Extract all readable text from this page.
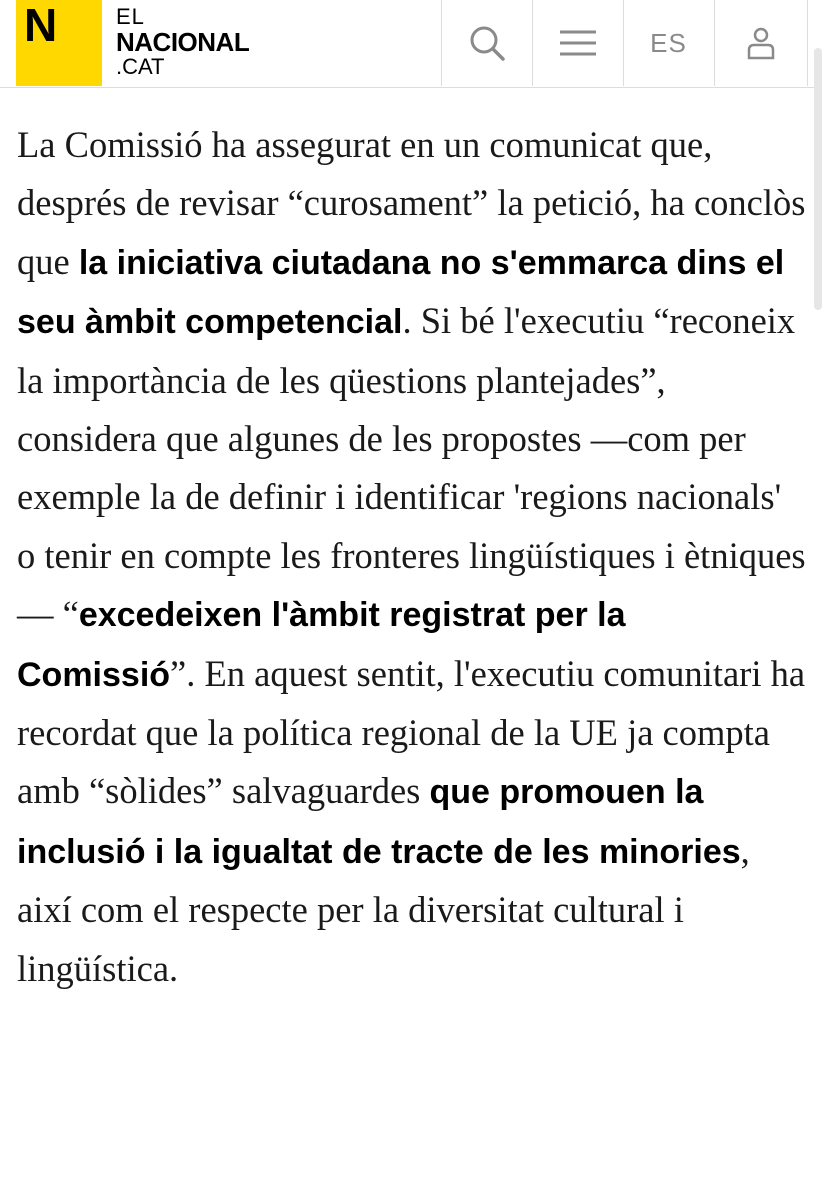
N	EL
NACIONAL
.CAT
ES

La Comissió ha assegurat en un comunicat que, després de revisar “curosament” la petició, ha conclòs que la iniciativa ciutadana no s'emmarca dins el seu àmbit competencial. Si bé l'executiu “reconeix la importància de les qüestions plantejades”, considera que algunes de les propostes —com per exemple la de definir i identificar 'regions nacionals' o tenir en compte les fronteres lingüístiques i ètniques— “excedeixen l'àmbit registrat per la Comissió”. En aquest sentit, l'executiu comunitari ha recordat que la política regional de la UE ja compta amb “sòlides” salvaguardes que promouen la inclusió i la igualtat de tracte de les minories, així com el respecte per la diversitat cultural i lingüística.
